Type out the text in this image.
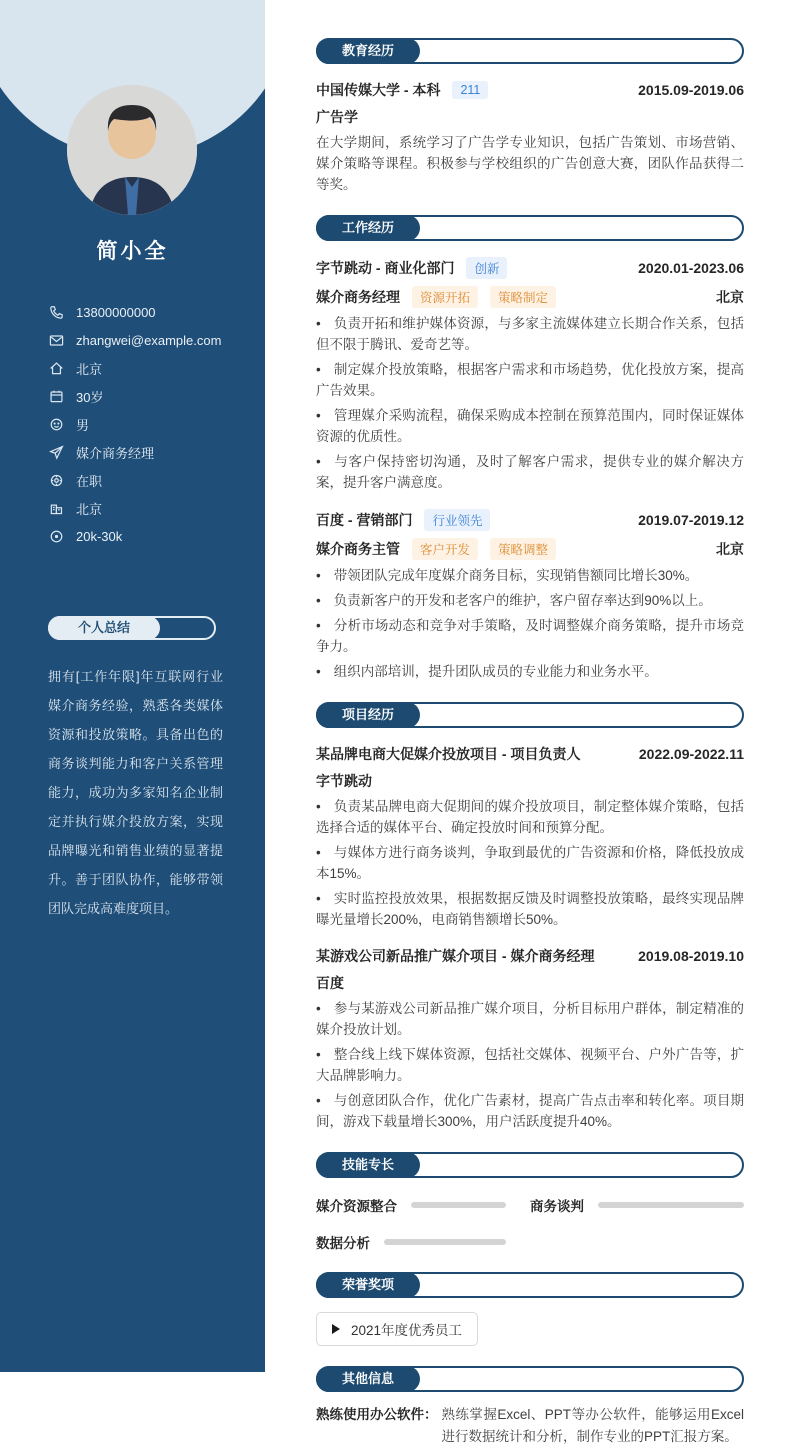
简小全
13800000000
zhangwei@example.com
北京
30岁
男
媒介商务经理
在职
北京
20k-30k
个人总结
拥有[工作年限]年互联网行业媒介商务经验，熟悉各类媒体资源和投放策略。具备出色的商务谈判能力和客户关系管理能力，成功为多家知名企业制定并执行媒介投放方案，实现品牌曝光和销售业绩的显著提升。善于团队协作，能够带领团队完成高难度项目。
教育经历
中国传媒大学 - 本科	211	2015.09-2019.06
广告学
在大学期间，系统学习了广告学专业知识，包括广告策划、市场营销、媒介策略等课程。积极参与学校组织的广告创意大赛，团队作品获得二等奖。
工作经历
字节跳动 - 商业化部门	创新	2020.01-2023.06
媒介商务经理	资源开拓	策略制定	北京
• 负责开拓和维护媒体资源，与多家主流媒体建立长期合作关系，包括但不限于腾讯、爱奇艺等。
• 制定媒介投放策略，根据客户需求和市场趋势，优化投放方案，提高广告效果。
• 管理媒介采购流程，确保采购成本控制在预算范围内，同时保证媒体资源的优质性。
• 与客户保持密切沟通，及时了解客户需求，提供专业的媒介解决方案，提升客户满意度。
百度 - 营销部门	行业领先	2019.07-2019.12
媒介商务主管	客户开发	策略调整	北京
• 带领团队完成年度媒介商务目标，实现销售额同比增长30%。
• 负责新客户的开发和老客户的维护，客户留存率达到90%以上。
• 分析市场动态和竞争对手策略，及时调整媒介商务策略，提升市场竞争力。
• 组织内部培训，提升团队成员的专业能力和业务水平。
项目经历
某品牌电商大促媒介投放项目 - 项目负责人	2022.09-2022.11
字节跳动
• 负责某品牌电商大促期间的媒介投放项目，制定整体媒介策略，包括选择合适的媒体平台、确定投放时间和预算分配。
• 与媒体方进行商务谈判，争取到最优的广告资源和价格，降低投放成本15%。
• 实时监控投放效果，根据数据反馈及时调整投放策略，最终实现品牌曝光量增长200%，电商销售额增长50%。
某游戏公司新品推广媒介项目 - 媒介商务经理	2019.08-2019.10
百度
• 参与某游戏公司新品推广媒介项目，分析目标用户群体，制定精准的媒介投放计划。
• 整合线上线下媒体资源，包括社交媒体、视频平台、户外广告等，扩大品牌影响力。
• 与创意团队合作，优化广告素材，提高广告点击率和转化率。项目期间，游戏下载量增长300%，用户活跃度提升40%。
技能专长
媒介资源整合	商务谈判
数据分析
荣誉奖项
2021年度优秀员工
其他信息
熟练使用办公软件： 熟练掌握Excel、PPT等办公软件，能够运用Excel进行数据统计和分析，制作专业的PPT汇报方案。
